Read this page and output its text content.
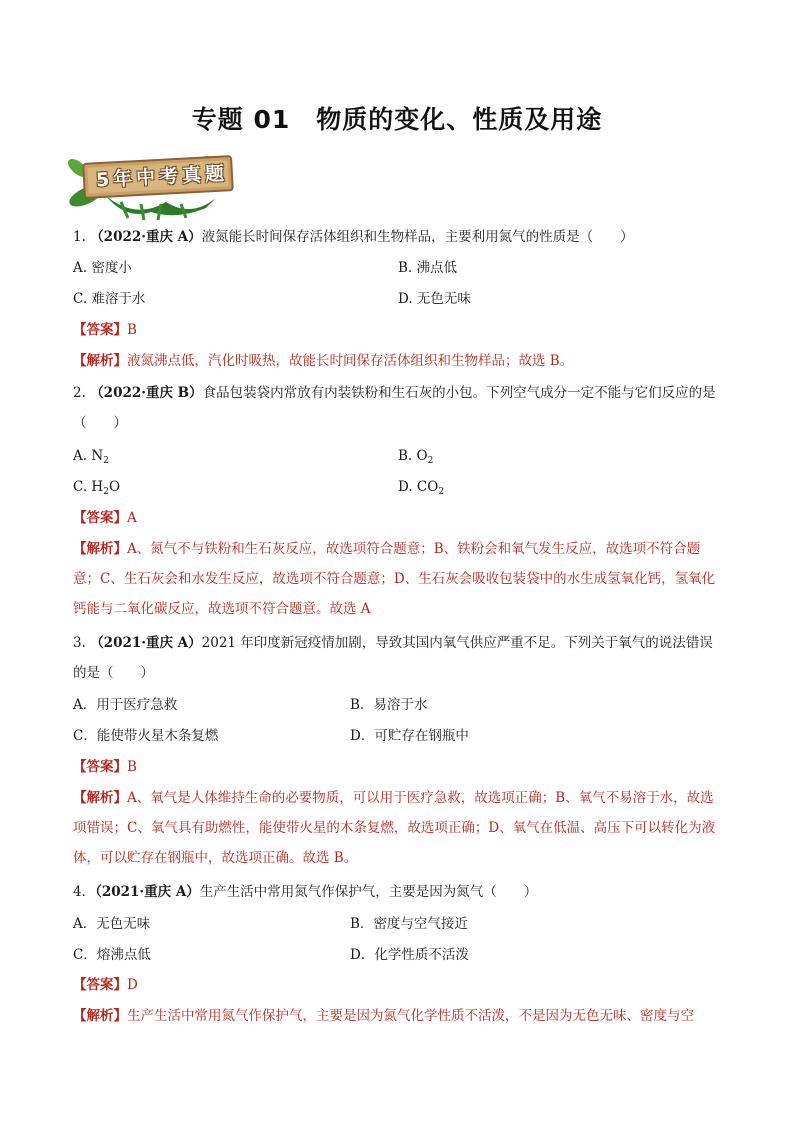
专题 01　物质的变化、性质及用途
5年中考真题
1. （2022·重庆 A）液氮能长时间保存活体组织和生物样品，主要利用氮气的性质是（　　）
A. 密度小	B. 沸点低
C. 难溶于水	D. 无色无味
【答案】B
【解析】液氮沸点低，汽化时吸热，故能长时间保存活体组织和生物样品；故选 B。
2. （2022·重庆 B）食品包装袋内常放有内装铁粉和生石灰的小包。下列空气成分一定不能与它们反应的是（　　）
A. $N_2$	B. $O_2$
C. $H_2O$	D. $CO_2$
【答案】A
【解析】A、氮气不与铁粉和生石灰反应，故选项符合题意；B、铁粉会和氧气发生反应，故选项不符合题意；C、生石灰会和水发生反应，故选项不符合题意；D、生石灰会吸收包装袋中的水生成氢氧化钙，氢氧化钙能与二氧化碳反应，故选项不符合题意。故选 A
3. （2021·重庆 A）2021 年印度新冠疫情加剧，导致其国内氧气供应严重不足。下列关于氧气的说法错误的是（　　）
A．用于医疗急救	B．易溶于水
C．能使带火星木条复燃	D．可贮存在钢瓶中
【答案】B
【解析】A、氧气是人体维持生命的必要物质，可以用于医疗急救，故选项正确；B、氧气不易溶于水，故选项错误；C、氧气具有助燃性，能使带火星的木条复燃，故选项正确；D、氧气在低温、高压下可以转化为液体，可以贮存在钢瓶中，故选项正确。故选 B。
4．（2021·重庆 A）生产生活中常用氮气作保护气，主要是因为氮气（　　）
A．无色无味	B．密度与空气接近
C．熔沸点低	D．化学性质不活泼
【答案】D
【解析】生产生活中常用氮气作保护气，主要是因为氮气化学性质不活泼，不是因为无色无味、密度与空
